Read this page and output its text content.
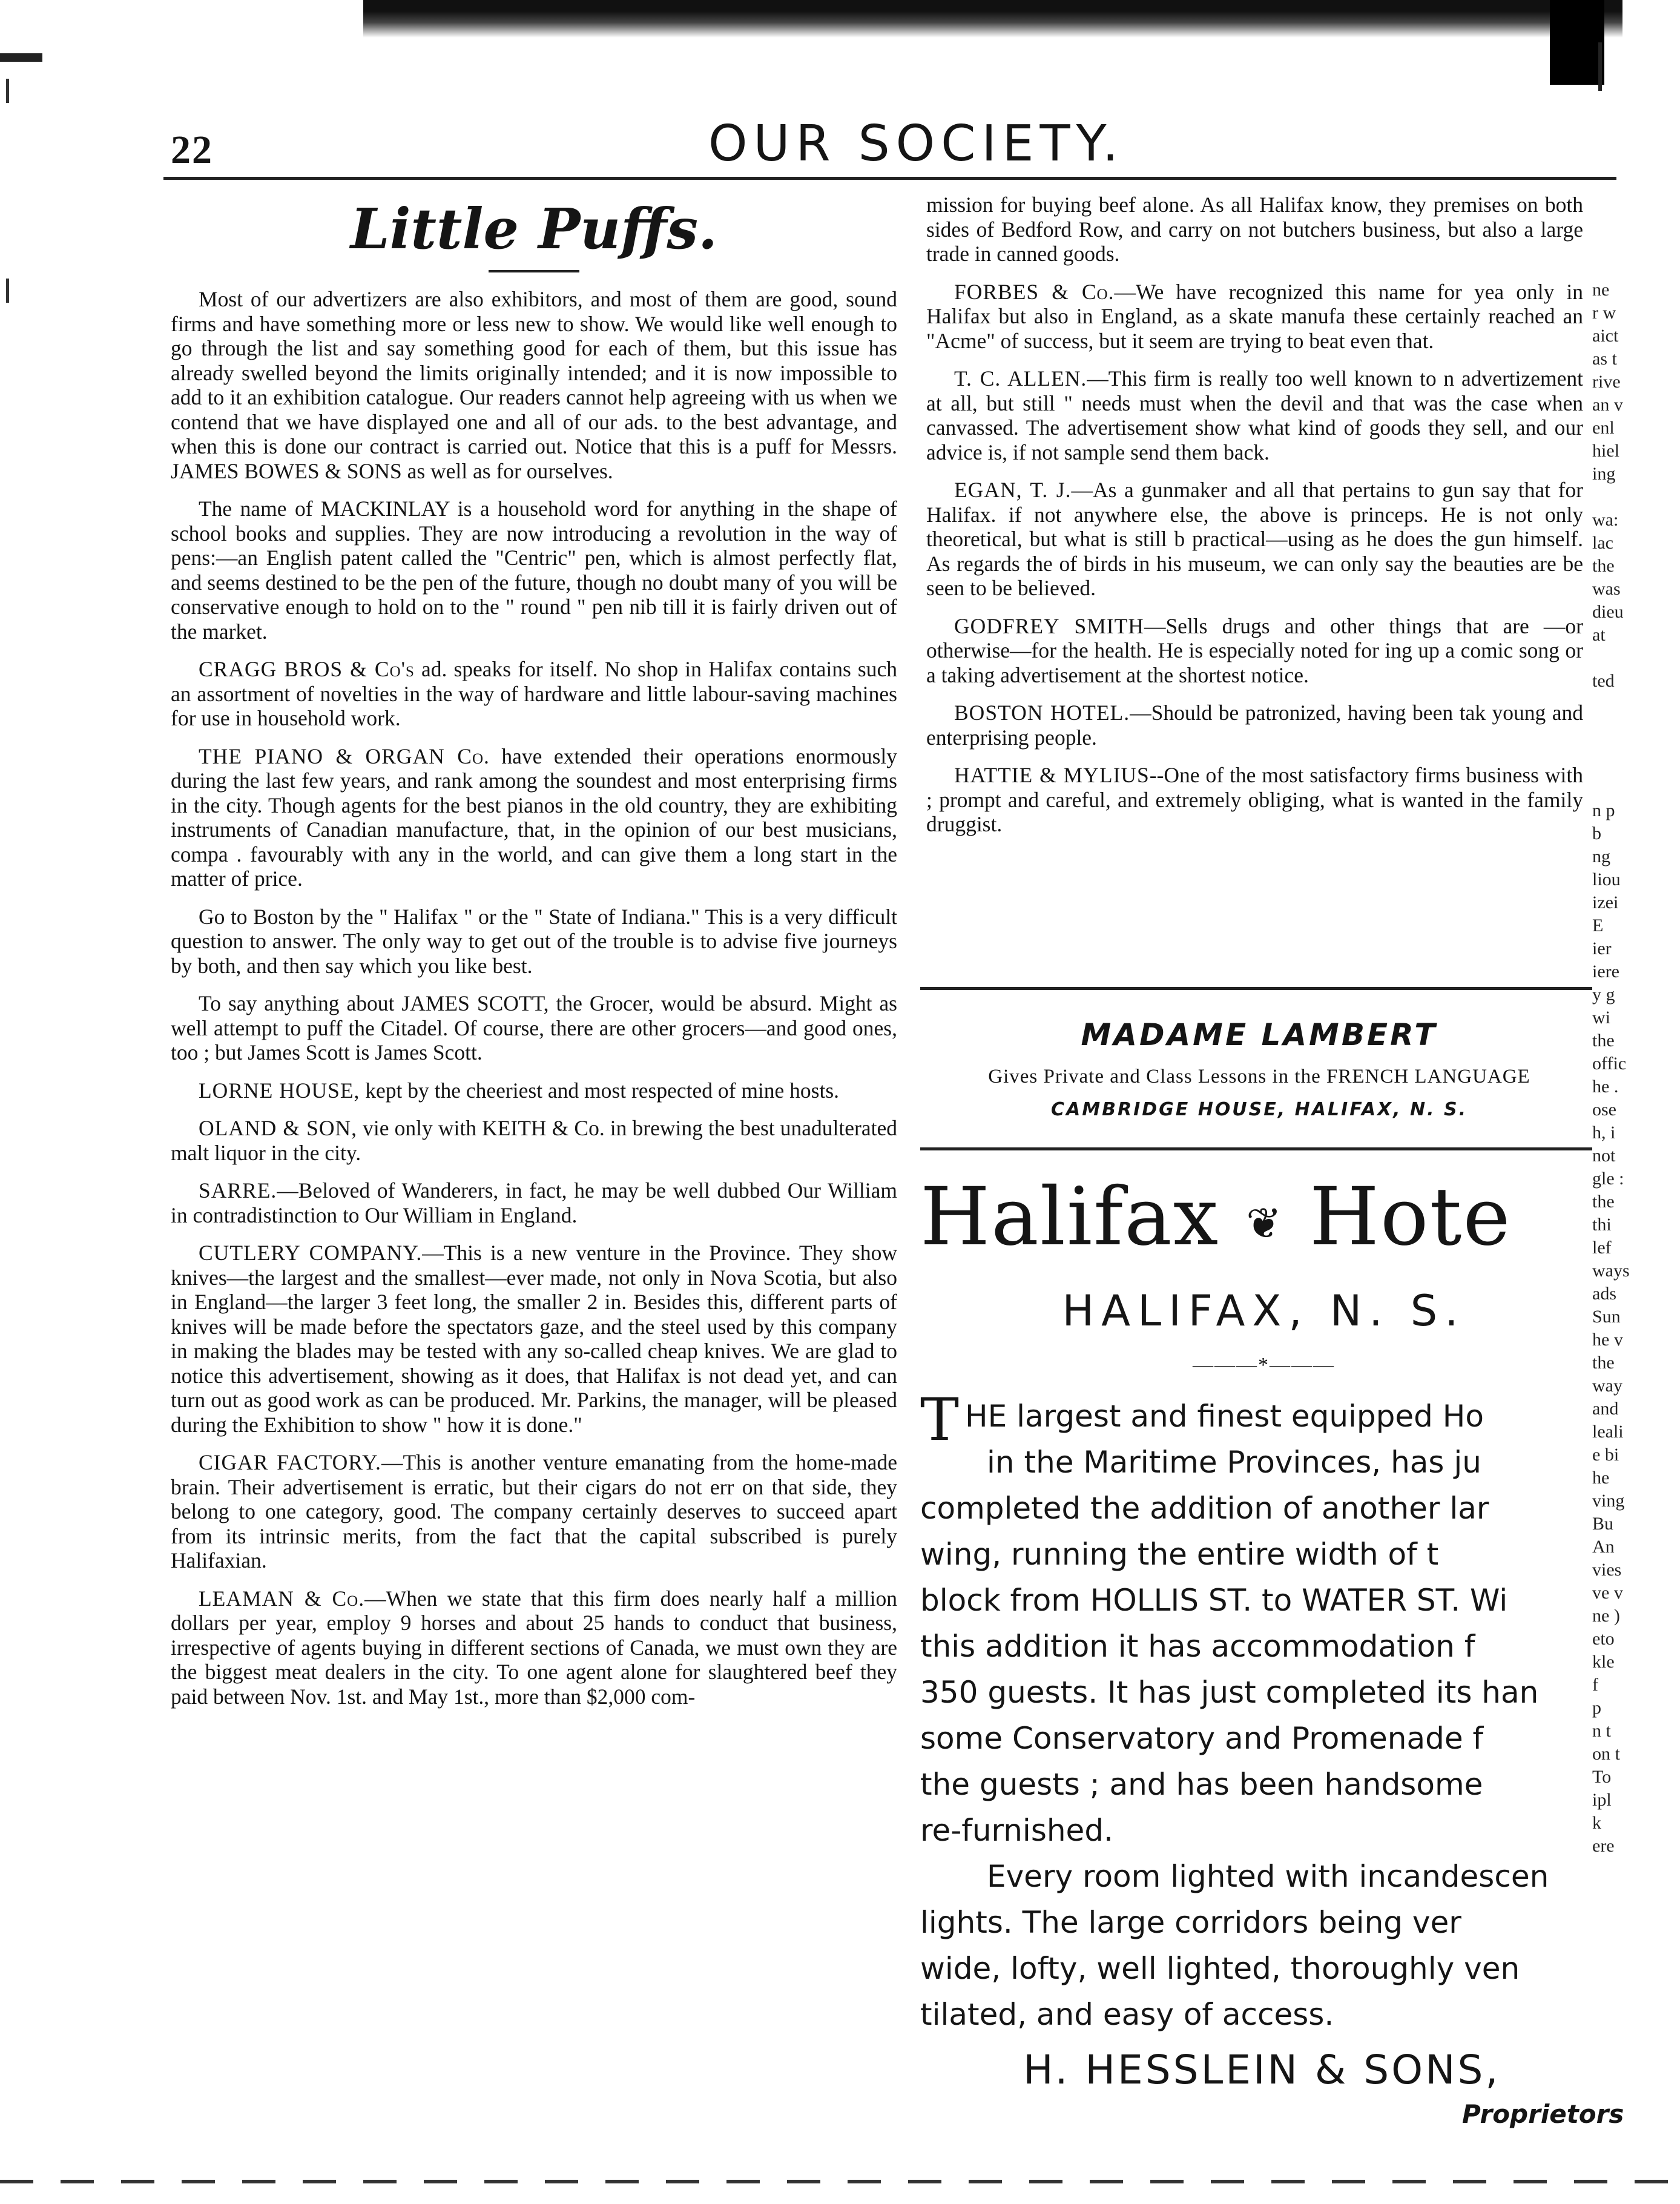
22	OUR SOCIETY.
Little Puffs.

Most of our advertizers are also exhibitors, and most of them are good, sound firms and have something more or less new to show. We would like well enough to go through the list and say something good for each of them, but this issue has already swelled beyond the limits originally intended; and it is now impossible to add to it an exhibition catalogue. Our readers cannot help agreeing with us when we contend that we have displayed one and all of our ads. to the best advantage, and when this is done our contract is carried out. Notice that this is a puff for Messrs. JAMES BOWES & SONS as well as for ourselves.

The name of MACKINLAY is a household word for anything in the shape of school books and supplies. They are now introducing a revolution in the way of pens:—an English patent called the "Centric" pen, which is almost perfectly flat, and seems destined to be the pen of the future, though no doubt many of you will be conservative enough to hold on to the " round " pen nib till it is fairly driven out of the market.

CRAGG BROS & Co's ad. speaks for itself. No shop in Halifax contains such an assortment of novelties in the way of hardware and little labour-saving machines for use in household work.

THE PIANO & ORGAN Co. have extended their operations enormously during the last few years, and rank among the soundest and most enterprising firms in the city. Though agents for the best pianos in the old country, they are exhibiting instruments of Canadian manufacture, that, in the opinion of our best musicians, compa . favourably with any in the world, and can give them a long start in the matter of price.

Go to Boston by the " Halifax " or the " State of Indiana." This is a very difficult question to answer. The only way to get out of the trouble is to advise five journeys by both, and then say which you like best.

To say anything about JAMES SCOTT, the Grocer, would be absurd. Might as well attempt to puff the Citadel. Of course, there are other grocers—and good ones, too ; but James Scott is James Scott.

LORNE HOUSE, kept by the cheeriest and most respected of mine hosts.

OLAND & SON, vie only with KEITH & Co. in brewing the best unadulterated malt liquor in the city.

SARRE.—Beloved of Wanderers, in fact, he may be well dubbed Our William in contradistinction to Our William in England.

CUTLERY COMPANY.—This is a new venture in the Province. They show knives—the largest and the smallest—ever made, not only in Nova Scotia, but also in England—the larger 3 feet long, the smaller 2 in. Besides this, different parts of knives will be made before the spectators gaze, and the steel used by this company in making the blades may be tested with any so-called cheap knives. We are glad to notice this advertisement, showing as it does, that Halifax is not dead yet, and can turn out as good work as can be produced. Mr. Parkins, the manager, will be pleased during the Exhibition to show " how it is done."

CIGAR FACTORY.—This is another venture emanating from the home-made brain. Their advertisement is erratic, but their cigars do not err on that side, they belong to one category, good. The company certainly deserves to succeed apart from its intrinsic merits, from the fact that the capital subscribed is purely Halifaxian.

LEAMAN & Co.—When we state that this firm does nearly half a million dollars per year, employ 9 horses and about 25 hands to conduct that business, irrespective of agents buying in different sections of Canada, we must own they are the biggest meat dealers in the city. To one agent alone for slaughtered beef they paid between Nov. 1st. and May 1st., more than $2,000 com-

mission for buying beef alone. As all Halifax know, they premises on both sides of Bedford Row, and carry on not butchers business, but also a large trade in canned goods.

FORBES & Co.—We have recognized this name for yea only in Halifax but also in England, as a skate manufa these certainly reached an "Acme" of success, but it seem are trying to beat even that.

T. C. ALLEN.—This firm is really too well known to n advertizement at all, but still " needs must when the devil and that was the case when canvassed. The advertisement show what kind of goods they sell, and our advice is, if not sample send them back.

EGAN, T. J.—As a gunmaker and all that pertains to gun say that for Halifax. if not anywhere else, the above is princeps. He is not only theoretical, but what is still b practical—using as he does the gun himself. As regards the of birds in his museum, we can only say the beauties are be seen to be believed.

GODFREY SMITH—Sells drugs and other things that are —or otherwise—for the health. He is especially noted for ing up a comic song or a taking advertisement at the shortest notice.

BOSTON HOTEL.—Should be patronized, having been tak young and enterprising people.

HATTIE & MYLIUS--One of the most satisfactory firms business with ; prompt and careful, and extremely obliging, what is wanted in the family druggist.

MADAME LAMBERT
Gives Private and Class Lessons in the FRENCH LANGUAGE
CAMBRIDGE HOUSE, HALIFAX, N. S.
Halifax ❦ Hote
HALIFAX, N. S.
———*———
T HE largest and finest equipped Ho

in the Maritime Provinces, has ju

completed the addition of another lar

wing, running the entire width of t

block from HOLLIS ST. to WATER ST. Wi

this addition it has accommodation f

350 guests. It has just completed its han

some Conservatory and Promenade f

the guests ; and has been handsome

re-furnished.

Every room lighted with incandescen

lights. The large corridors being ver

wide, lofty, well lighted, thoroughly ven

tilated, and easy of access.

H. HESSLEIN & SONS,
Proprietors
ne
r w
aict
as t
rive
an v
enl
hiel
ing
wa:
lac
the
was
dieu
at
ted
n p
b
ng
liou
izei
E
ier
iere
y g
wi
the
offic
he .
ose
h, i
not
gle :
the
thi
lef
ways
ads
Sun
he v
the
way
and
leali
e bi
he
ving
Bu
An
vies
ve v
ne )
eto
kle
f
p
n t
on t
To
ipl
k
ere
